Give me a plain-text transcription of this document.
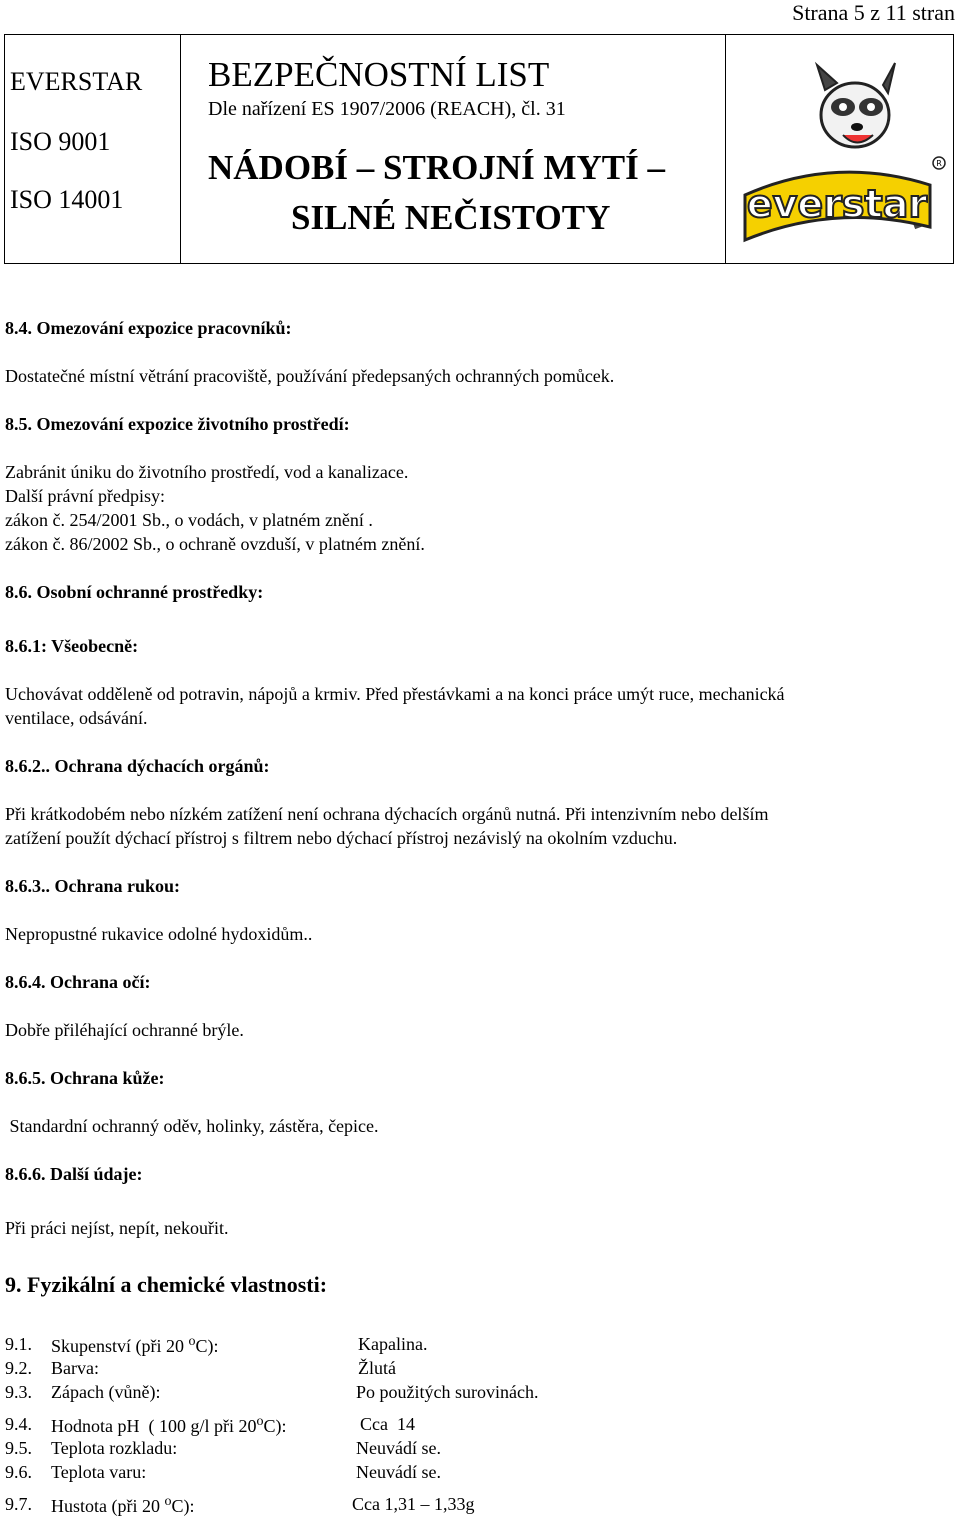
Strana 5 z 11 stran
EVERSTAR
ISO 9001
ISO 14001
BEZPEČNOSTNÍ LIST
Dle nařízení ES 1907/2006 (REACH), čl. 31
NÁDOBÍ – STROJNÍ MYTÍ –
SILNÉ NEČISTOTY	everstar
R
8.4. Omezování expozice pracovníků:
Dostatečné místní větrání pracoviště, používání předepsaných ochranných pomůcek.
8.5. Omezování expozice životního prostředí:
Zabránit úniku do životního prostředí, vod a kanalizace.
Další právní předpisy:
zákon č. 254/2001 Sb., o vodách, v platném znění .
zákon č. 86/2002 Sb., o ochraně ovzduší, v platném znění.
8.6. Osobní ochranné prostředky:
8.6.1: Všeobecně:
Uchovávat odděleně od potravin, nápojů a krmiv. Před přestávkami a na konci práce umýt ruce, mechanická
ventilace, odsávání.
8.6.2.. Ochrana dýchacích orgánů:
Při krátkodobém nebo nízkém zatížení není ochrana dýchacích orgánů nutná. Při intenzivním nebo delším
zatížení použít dýchací přístroj s filtrem nebo dýchací přístroj nezávislý na okolním vzduchu.
8.6.3.. Ochrana rukou:
Nepropustné rukavice odolné hydoxidům..
8.6.4. Ochrana očí:
Dobře přiléhající ochranné brýle.
8.6.5. Ochrana kůže:
Standardní ochranný oděv, holinky, zástěra, čepice.
8.6.6. Další údaje:
Při práci nejíst, nepít, nekouřit.
9. Fyzikální a chemické vlastnosti:
9.1. Skupenství (při 20 $^o$C):	Kapalina.
9.2. Barva:	Žlutá
9.3. Zápach (vůně):	Po použitých surovinách.
9.4. Hodnota pH  ( 100 g/l při 20$^o$C):	Cca  14
9.5. Teplota rozkladu:	Neuvádí se.
9.6. Teplota varu:	Neuvádí se.
9.7. Hustota (při 20 $^o$C):	Cca 1,31 – 1,33g
